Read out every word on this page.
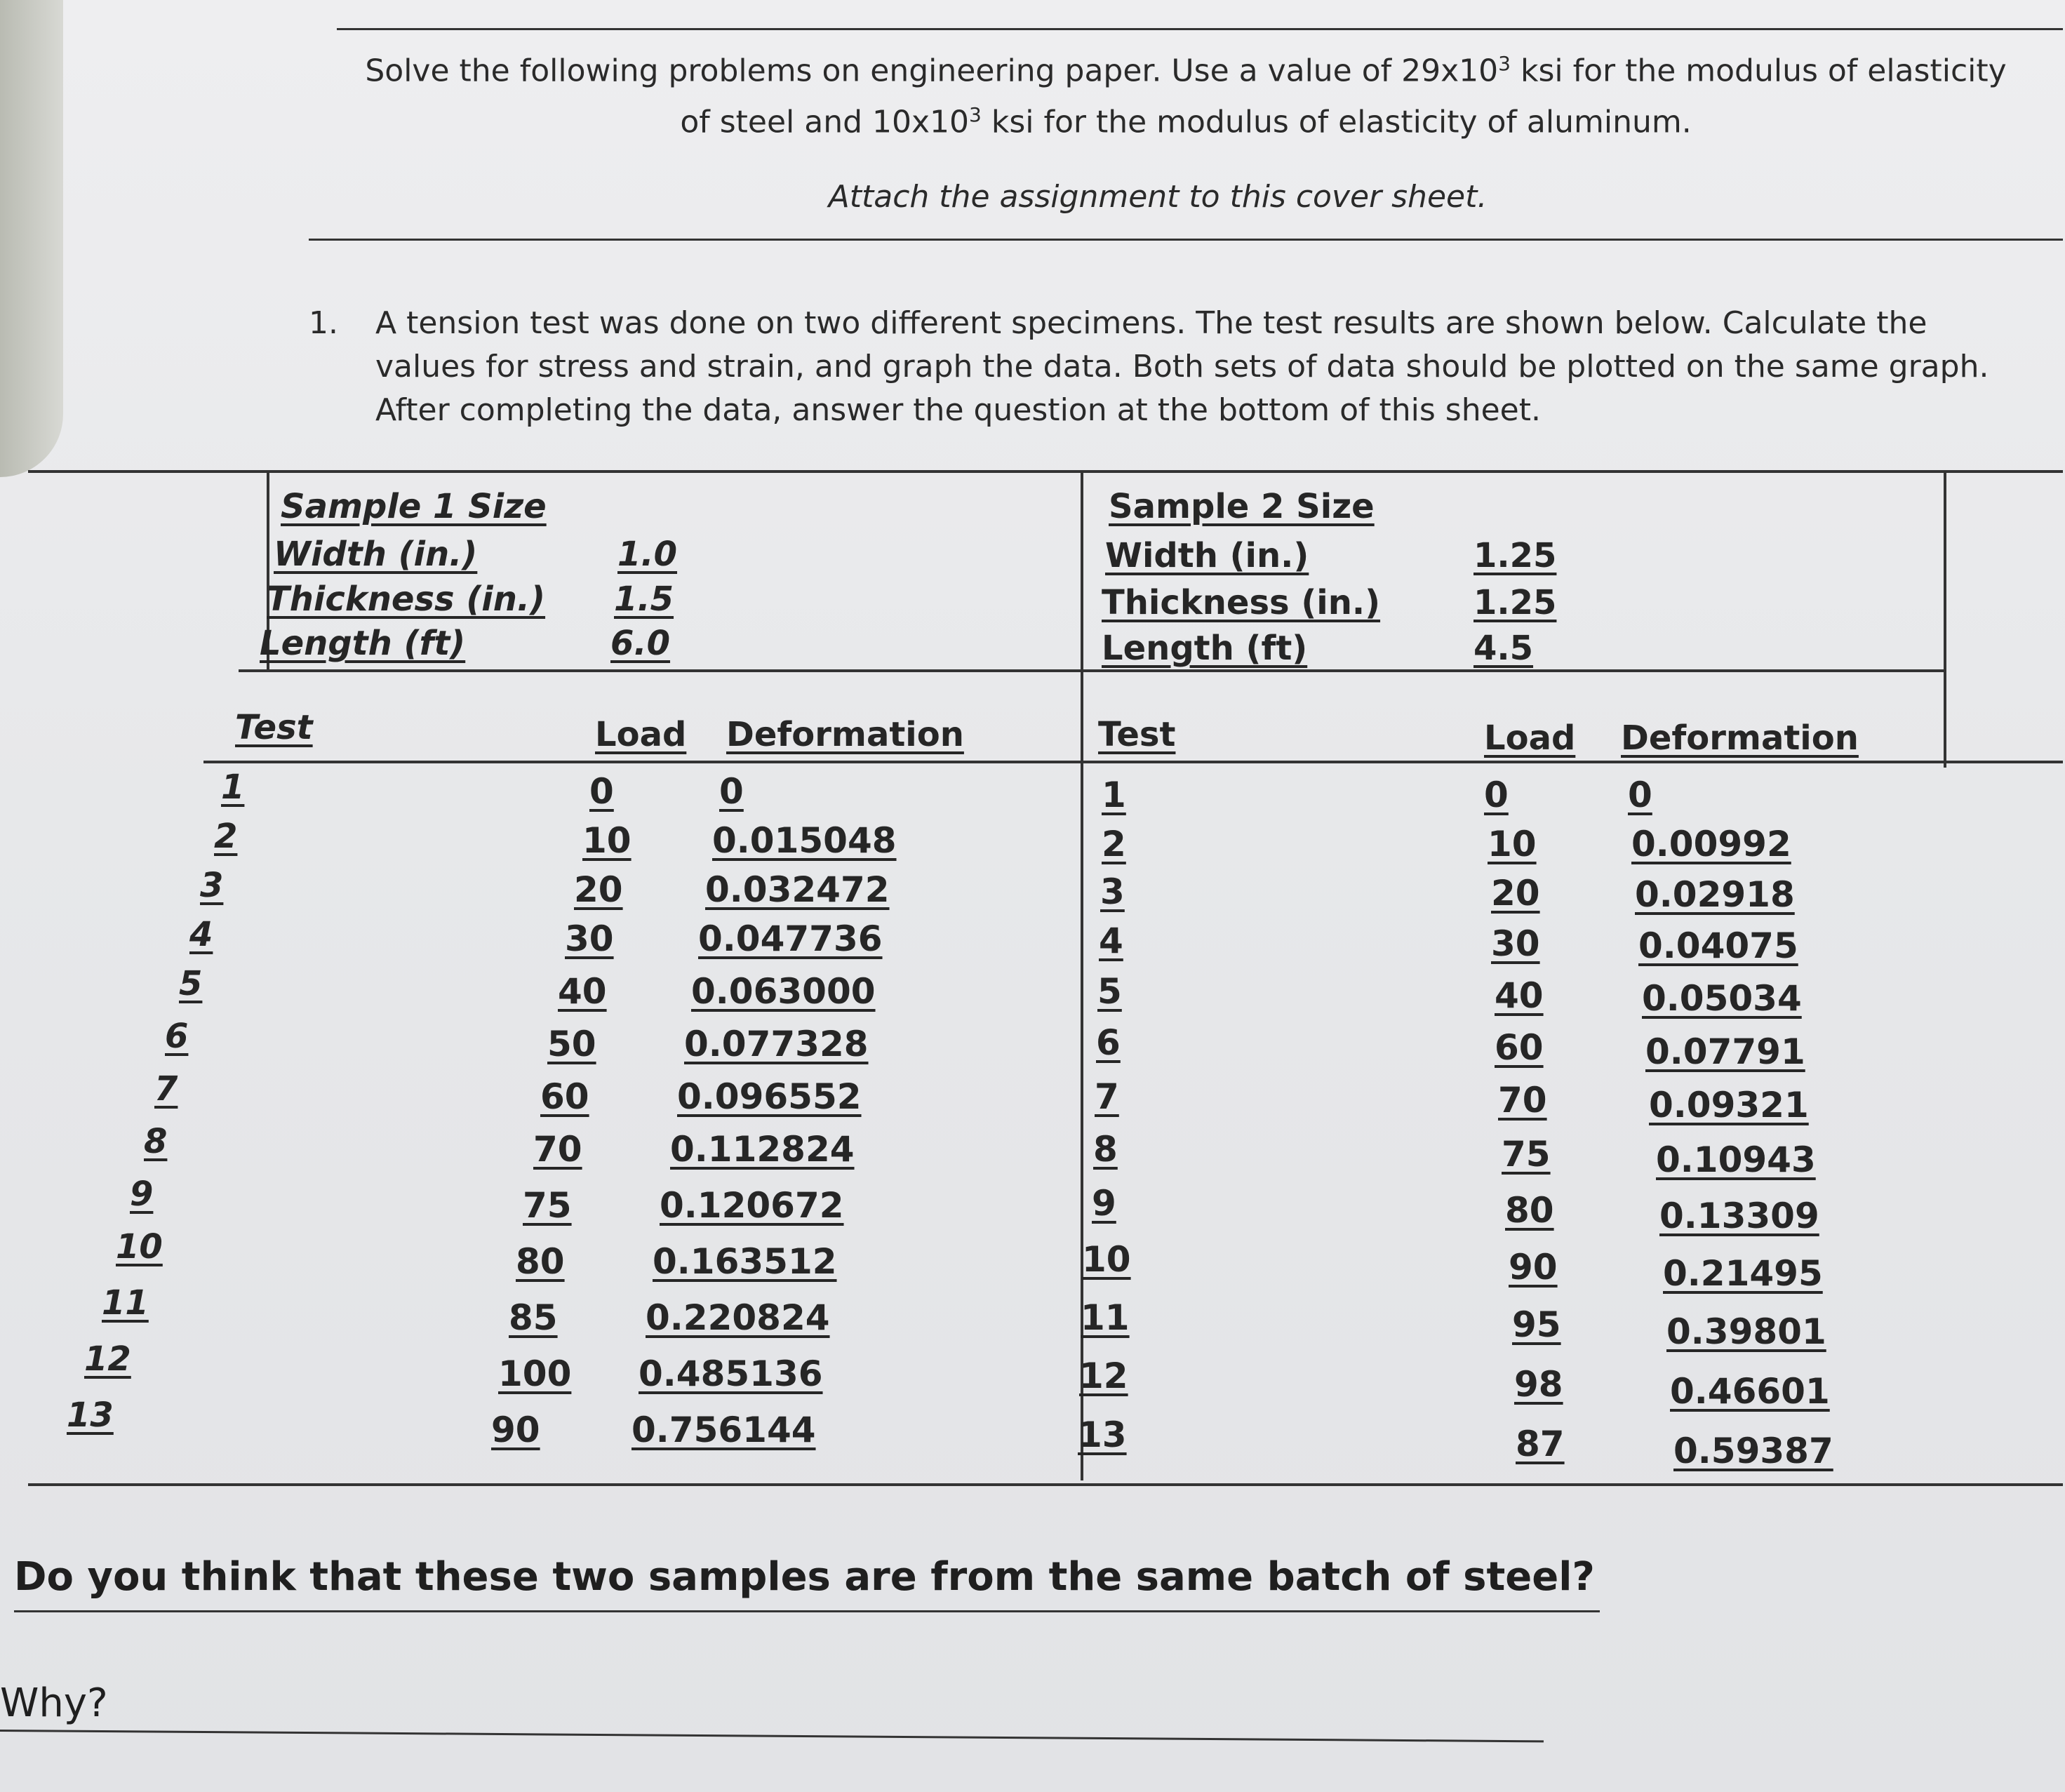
Solve the following problems on engineering paper. Use a value of $29x10^3$ ksi for the modulus of elasticity of steel and $10x10^3$ ksi for the modulus of elasticity of aluminum.
Attach the assignment to this cover sheet.
1. A tension test was done on two different specimens. The test results are shown below. Calculate the values for stress and strain, and graph the data. Both sets of data should be plotted on the same graph. After completing the data, answer the question at the bottom of this sheet.
Sample 1 Size
Width (in.)	1.0
Thickness (in.) 1.5
Length (ft)	6.0
Sample 2 Size
Width (in.)	1.25
Thickness (in.)	1.25
Length (ft)	4.5
Test	Load Deformation	Test	Load Deformation
1	0	0
2	10 0.015048
3	20 0.032472
4	30 0.047736
5	40 0.063000
6	50	0.077328
7	60	0.096552
8	70	0.112824
9	75	0.120672
10	80	0.163512
11	85	0.220824
12	100 0.485136
13	90	0.756144
1	0	0
2	10	0.00992
3	20	0.02918
4	30	0.04075
5	40	0.05034
6	60	0.07791
7	70	0.09321
8	75	0.10943
9	80	0.13309
10	90	0.21495
11	95	0.39801
12	98	0.46601
13	87	0.59387
Do you think that these two samples are from the same batch of steel?
Why?
